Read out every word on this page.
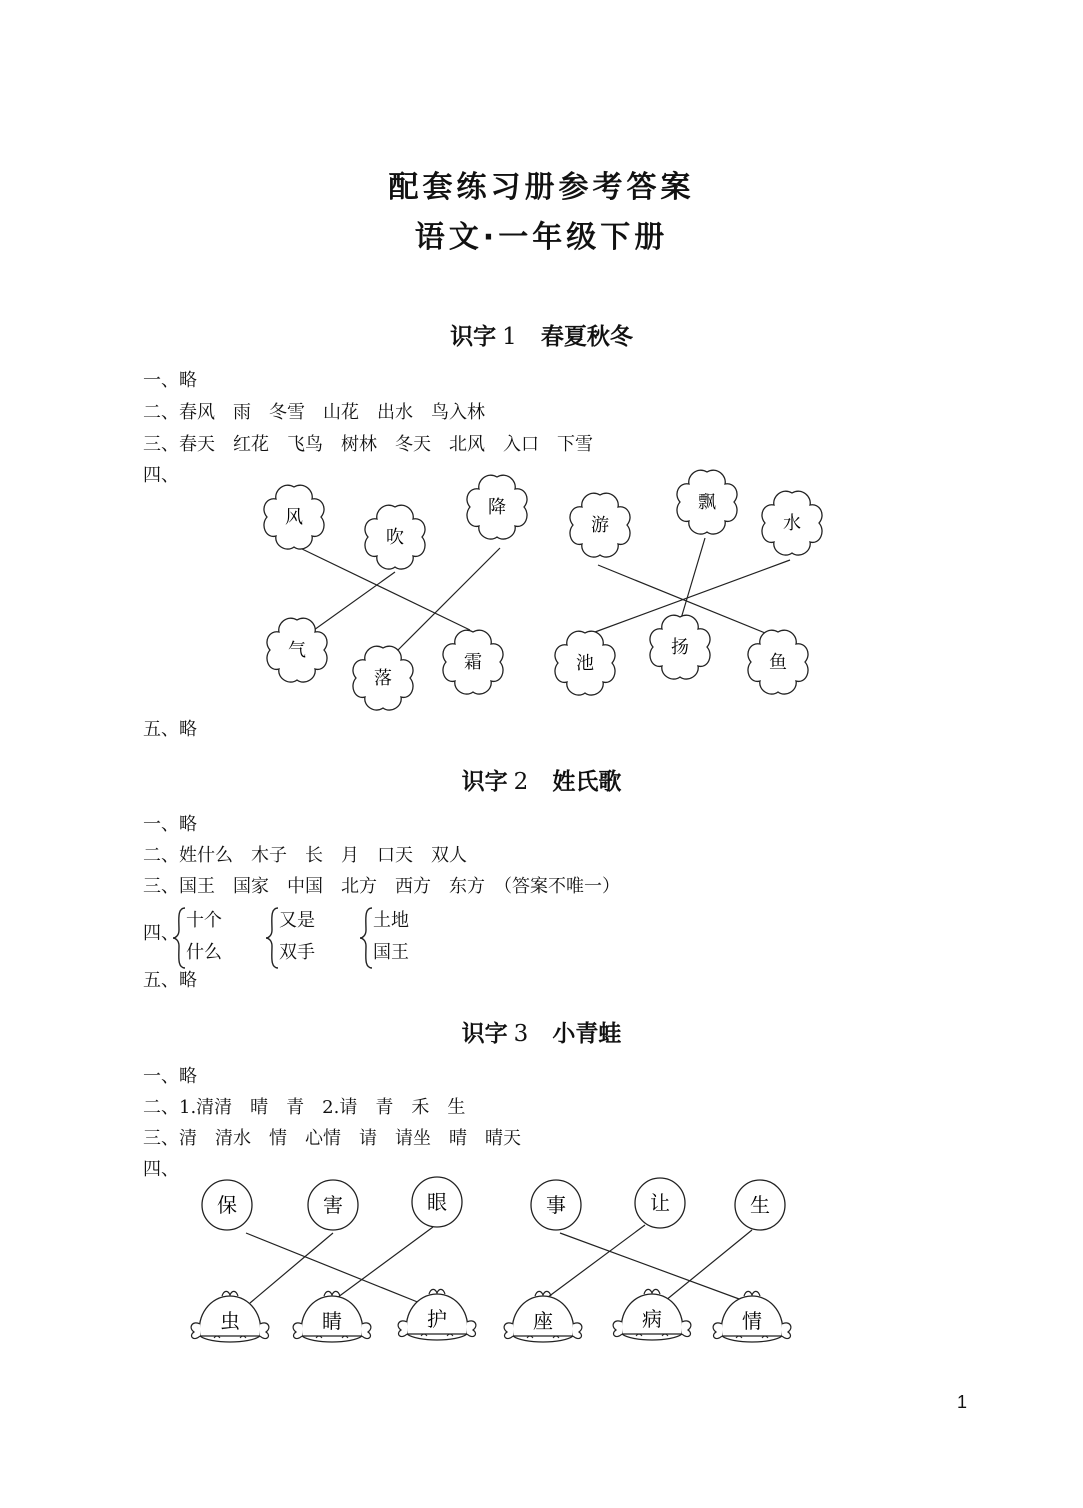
配套练习册参考答案
语文·一年级下册
识字 1 春夏秋冬
一、略
二、春风　雨　冬雪　山花　出水　鸟入林
三、春天　红花　飞鸟　树林　冬天　北风　入口　下雪
四、
风
吹
降
气
落
霜
游
飘
水
池
扬
鱼
五、略
识字 2 姓氏歌
一、略
二、姓什么　木子　长　月　口天　双人
三、国王　国家　中国　北方　西方　东方　（答案不唯一）
四、
十个
什么
又是
双手
土地
国王
五、略
识字 3 小青蛙
一、略
二、1.清清　晴　青　2.请　青　禾　生
三、清　清水　情　心情　请　请坐　晴　晴天
四、
保	害	眼	事	让	生
虫	睛	护	座	病	情
1
